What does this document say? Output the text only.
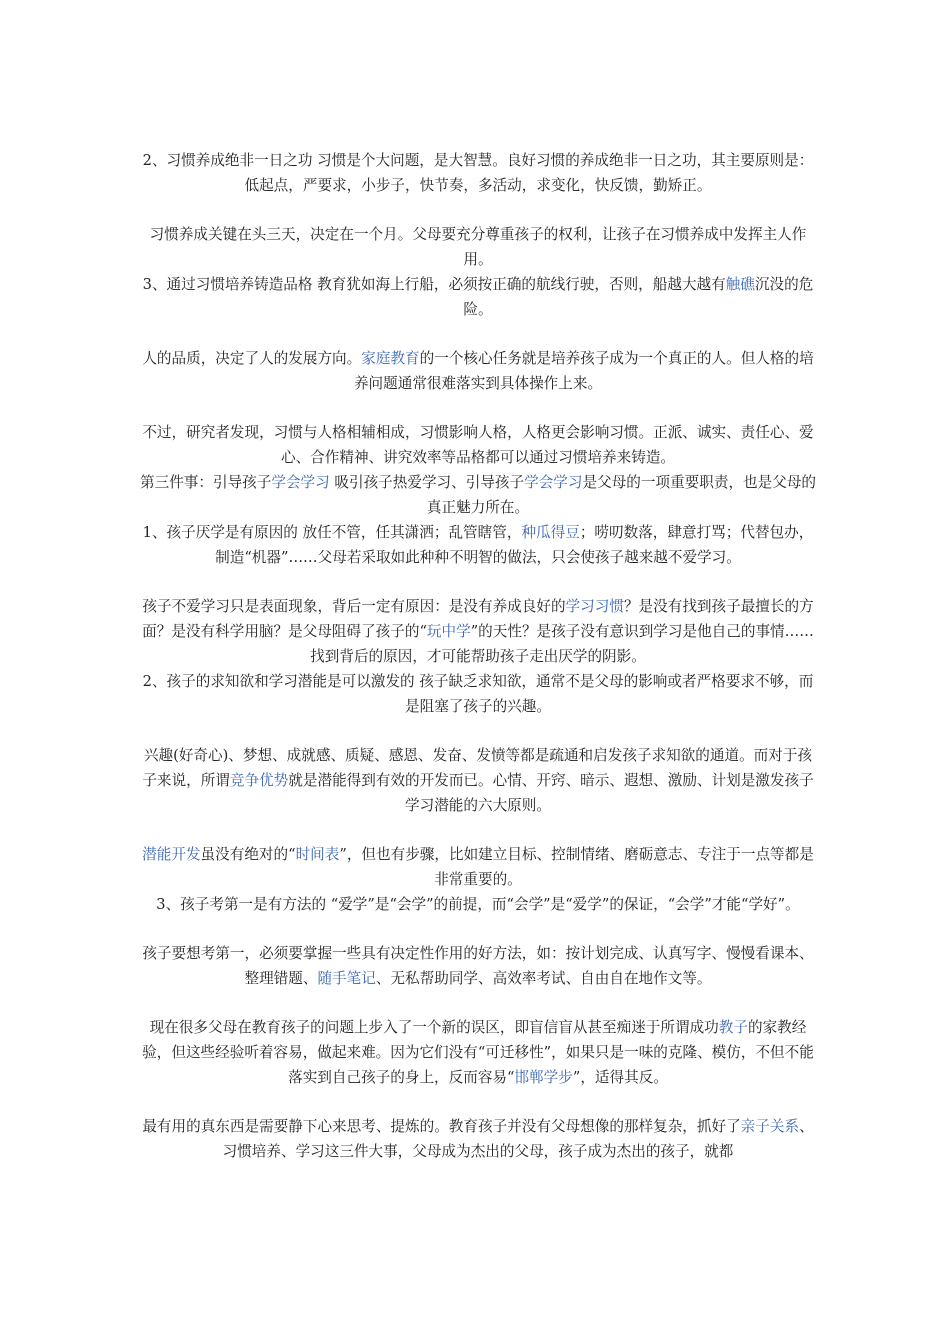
2、习惯养成绝非一日之功 习惯是个大问题，是大智慧。良好习惯的养成绝非一日之功，其主要原则是：低起点，严要求，小步子，快节奏，多活动，求变化，快反馈，勤矫正。

习惯养成关键在头三天，决定在一个月。父母要充分尊重孩子的权利，让孩子在习惯养成中发挥主人作用。

3、通过习惯培养铸造品格 教育犹如海上行船，必须按正确的航线行驶，否则，船越大越有触礁沉没的危险。

人的品质，决定了人的发展方向。家庭教育的一个核心任务就是培养孩子成为一个真正的人。但人格的培养问题通常很难落实到具体操作上来。

不过，研究者发现，习惯与人格相辅相成，习惯影响人格，人格更会影响习惯。正派、诚实、责任心、爱心、合作精神、讲究效率等品格都可以通过习惯培养来铸造。

第三件事：引导孩子学会学习 吸引孩子热爱学习、引导孩子学会学习是父母的一项重要职责，也是父母的真正魅力所在。

1、孩子厌学是有原因的 放任不管，任其潇洒；乱管瞎管，种瓜得豆；唠叨数落，肆意打骂；代替包办，制造“机器”……父母若采取如此种种不明智的做法，只会使孩子越来越不爱学习。

孩子不爱学习只是表面现象，背后一定有原因：是没有养成良好的学习习惯？是没有找到孩子最擅长的方面？是没有科学用脑？是父母阻碍了孩子的“玩中学”的天性？是孩子没有意识到学习是他自己的事情…… 找到背后的原因，才可能帮助孩子走出厌学的阴影。

2、孩子的求知欲和学习潜能是可以激发的 孩子缺乏求知欲，通常不是父母的影响或者严格要求不够，而是阻塞了孩子的兴趣。

兴趣(好奇心)、梦想、成就感、质疑、感恩、发奋、发愤等都是疏通和启发孩子求知欲的通道。而对于孩子来说，所谓竞争优势就是潜能得到有效的开发而已。心情、开窍、暗示、遐想、激励、计划是激发孩子学习潜能的六大原则。

潜能开发虽没有绝对的“时间表”，但也有步骤，比如建立目标、控制情绪、磨砺意志、专注于一点等都是非常重要的。

3、孩子考第一是有方法的 “爱学”是“会学”的前提，而“会学”是“爱学”的保证，“会学”才能“学好”。

孩子要想考第一，必须要掌握一些具有决定性作用的好方法，如：按计划完成、认真写字、慢慢看课本、整理错题、随手笔记、无私帮助同学、高效率考试、自由自在地作文等。

现在很多父母在教育孩子的问题上步入了一个新的误区，即盲信盲从甚至痴迷于所谓成功教子的家教经验，但这些经验听着容易，做起来难。因为它们没有“可迁移性”，如果只是一味的克隆、模仿，不但不能落实到自己孩子的身上，反而容易“邯郸学步”，适得其反。

最有用的真东西是需要静下心来思考、提炼的。教育孩子并没有父母想像的那样复杂，抓好了亲子关系、习惯培养、学习这三件大事，父母成为杰出的父母，孩子成为杰出的孩子，就都
